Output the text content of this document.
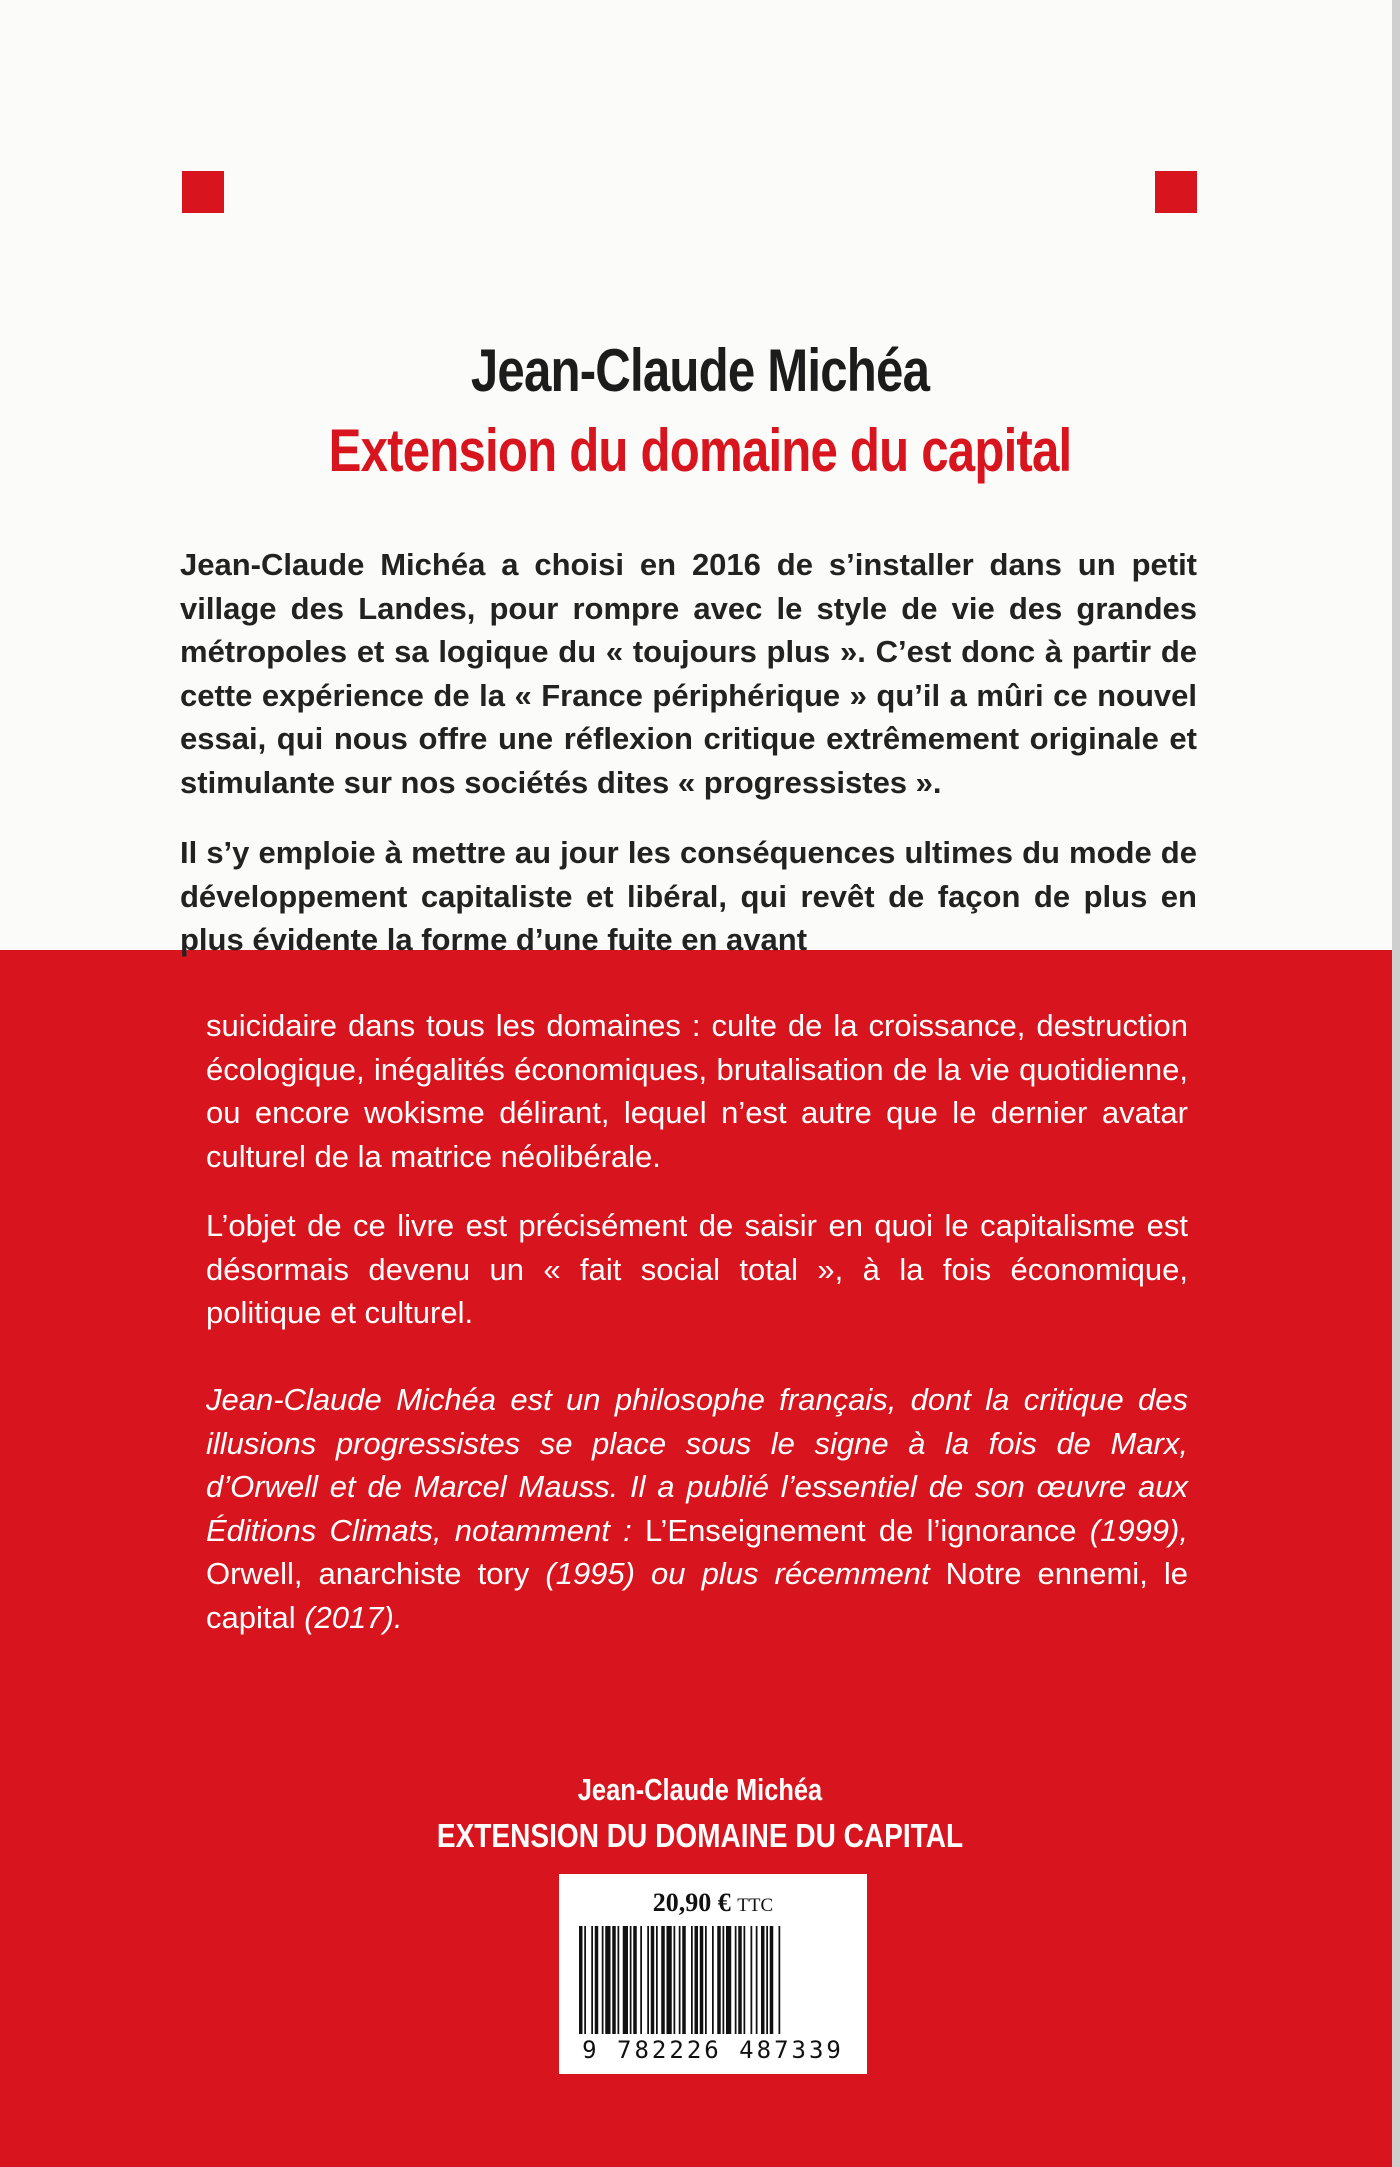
Jean-Claude Michéa
Extension du domaine du capital
Jean-Claude Michéa a choisi en 2016 de s’installer dans un petit village des Landes, pour rompre avec le style de vie des grandes métropoles et sa logique du « toujours plus ». C’est donc à partir de cette expérience de la « France périphérique » qu’il a mûri ce nouvel essai, qui nous offre une réflexion critique extrêmement originale et stimulante sur nos sociétés dites « progressistes ».
Il s’y emploie à mettre au jour les conséquences ultimes du mode de développement capitaliste et libéral, qui revêt de façon de plus en plus évidente la forme d’une fuite en avant
suicidaire dans tous les domaines : culte de la croissance, destruction écologique, inégalités économiques, brutalisation de la vie quotidienne, ou encore wokisme délirant, lequel n’est autre que le dernier avatar culturel de la matrice néolibérale.
L’objet de ce livre est précisément de saisir en quoi le capitalisme est désormais devenu un « fait social total », à la fois économique, politique et culturel.
Jean-Claude Michéa est un philosophe français, dont la critique des illusions progressistes se place sous le signe à la fois de Marx, d’Orwell et de Marcel Mauss. Il a publié l’essentiel de son œuvre aux Éditions Climats, notamment : L’Enseignement de l’ignorance (1999), Orwell, anarchiste tory (1995) ou plus récemment Notre ennemi, le capital (2017).
Jean-Claude Michéa
EXTENSION DU DOMAINE DU CAPITAL
20,90 € TTC
9 782226 487339
